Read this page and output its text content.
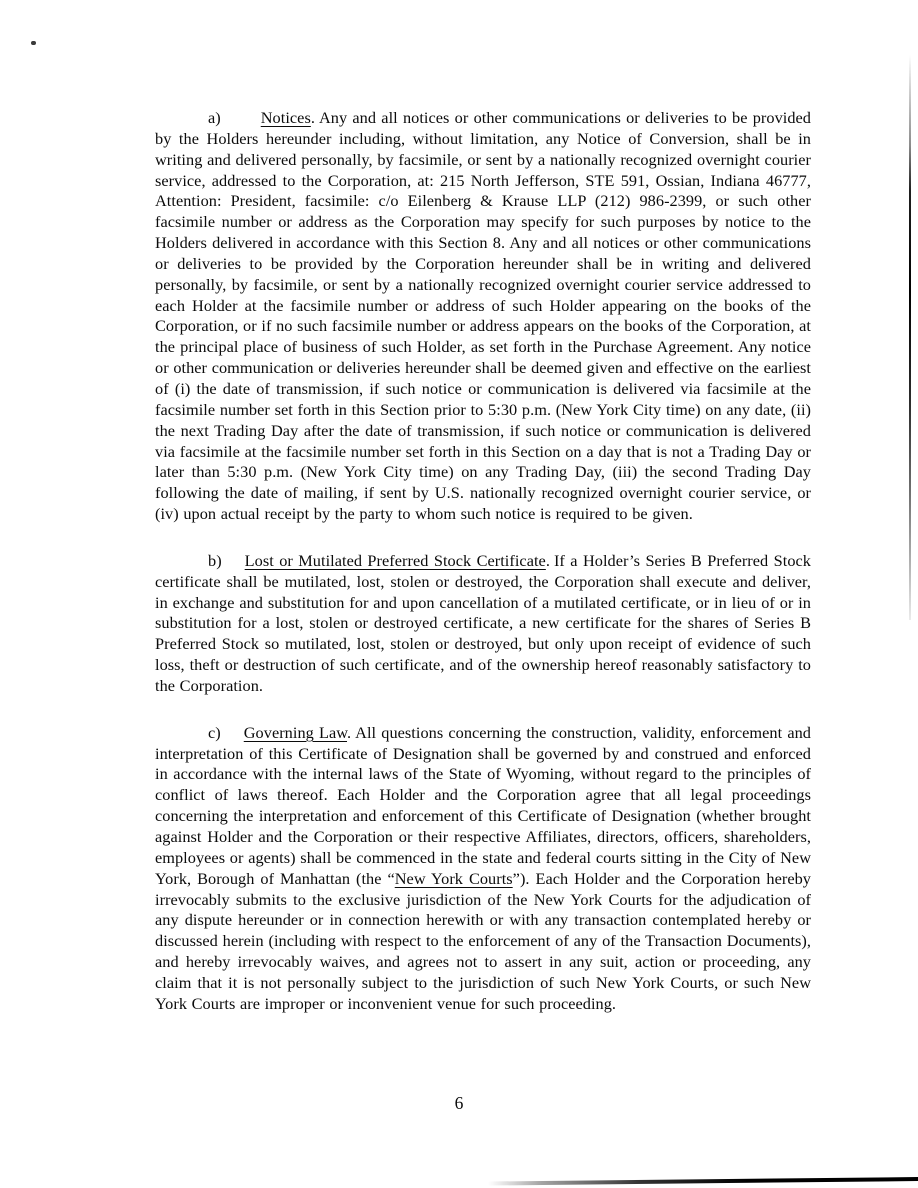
a) Notices. Any and all notices or other communications or deliveries to be provided by the Holders hereunder including, without limitation, any Notice of Conversion, shall be in writing and delivered personally, by facsimile, or sent by a nationally recognized overnight courier service, addressed to the Corporation, at: 215 North Jefferson, STE 591, Ossian, Indiana 46777, Attention: President, facsimile: c/o Eilenberg & Krause LLP (212) 986-2399, or such other facsimile number or address as the Corporation may specify for such purposes by notice to the Holders delivered in accordance with this Section 8. Any and all notices or other communications or deliveries to be provided by the Corporation hereunder shall be in writing and delivered personally, by facsimile, or sent by a nationally recognized overnight courier service addressed to each Holder at the facsimile number or address of such Holder appearing on the books of the Corporation, or if no such facsimile number or address appears on the books of the Corporation, at the principal place of business of such Holder, as set forth in the Purchase Agreement. Any notice or other communication or deliveries hereunder shall be deemed given and effective on the earliest of (i) the date of transmission, if such notice or communication is delivered via facsimile at the facsimile number set forth in this Section prior to 5:30 p.m. (New York City time) on any date, (ii) the next Trading Day after the date of transmission, if such notice or communication is delivered via facsimile at the facsimile number set forth in this Section on a day that is not a Trading Day or later than 5:30 p.m. (New York City time) on any Trading Day, (iii) the second Trading Day following the date of mailing, if sent by U.S. nationally recognized overnight courier service, or (iv) upon actual receipt by the party to whom such notice is required to be given.

b) Lost or Mutilated Preferred Stock Certificate. If a Holder’s Series B Preferred Stock certificate shall be mutilated, lost, stolen or destroyed, the Corporation shall execute and deliver, in exchange and substitution for and upon cancellation of a mutilated certificate, or in lieu of or in substitution for a lost, stolen or destroyed certificate, a new certificate for the shares of Series B Preferred Stock so mutilated, lost, stolen or destroyed, but only upon receipt of evidence of such loss, theft or destruction of such certificate, and of the ownership hereof reasonably satisfactory to the Corporation.

c) Governing Law. All questions concerning the construction, validity, enforcement and interpretation of this Certificate of Designation shall be governed by and construed and enforced in accordance with the internal laws of the State of Wyoming, without regard to the principles of conflict of laws thereof. Each Holder and the Corporation agree that all legal proceedings concerning the interpretation and enforcement of this Certificate of Designation (whether brought against Holder and the Corporation or their respective Affiliates, directors, officers, shareholders, employees or agents) shall be commenced in the state and federal courts sitting in the City of New York, Borough of Manhattan (the “New York Courts”). Each Holder and the Corporation hereby irrevocably submits to the exclusive jurisdiction of the New York Courts for the adjudication of any dispute hereunder or in connection herewith or with any transaction contemplated hereby or discussed herein (including with respect to the enforcement of any of the Transaction Documents), and hereby irrevocably waives, and agrees not to assert in any suit, action or proceeding, any claim that it is not personally subject to the jurisdiction of such New York Courts, or such New York Courts are improper or inconvenient venue for such proceeding.

6
